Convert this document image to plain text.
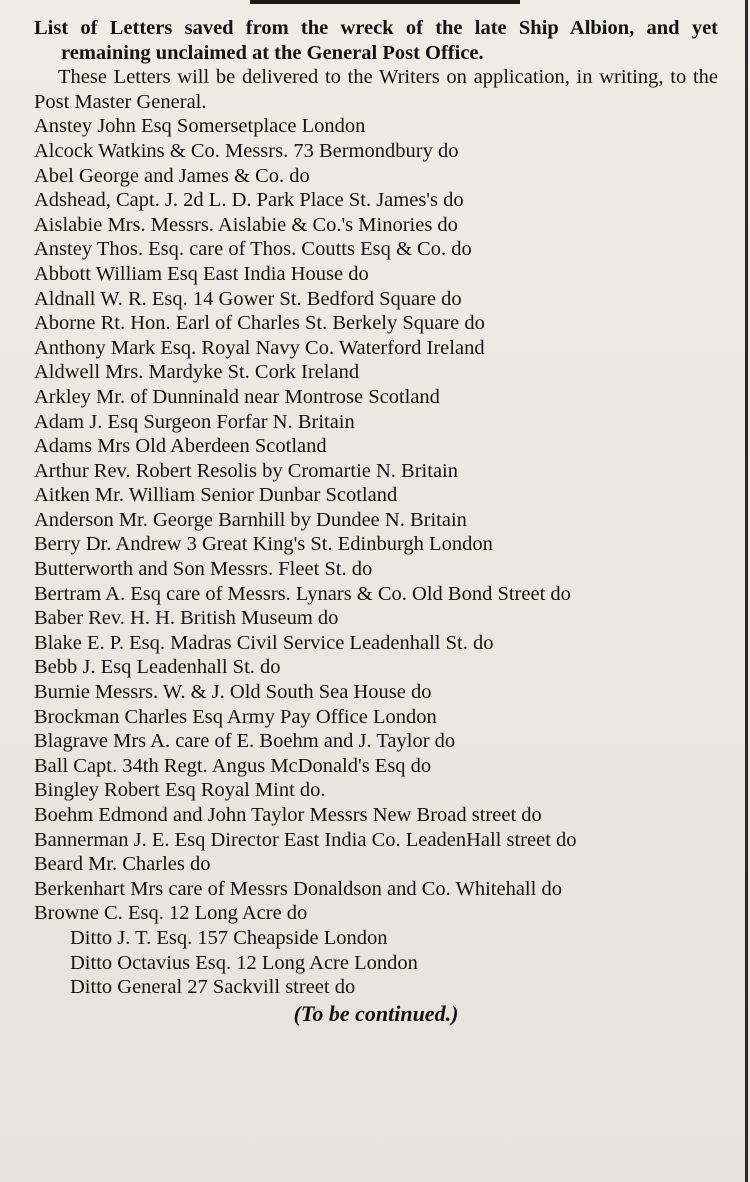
List of Letters saved from the wreck of the late Ship Albion, and yet remaining unclaimed at the General Post Office.

These Letters will be delivered to the Writers on application, in writing, to the Post Master General.

Anstey John Esq Somersetplace London

Alcock Watkins & Co. Messrs. 73 Bermondbury do

Abel George and James & Co. do

Adshead, Capt. J. 2d L. D. Park Place St. James's do

Aislabie Mrs. Messrs. Aislabie & Co.'s Minories do

Anstey Thos. Esq. care of Thos. Coutts Esq & Co. do

Abbott William Esq East India House do

Aldnall W. R. Esq. 14 Gower St. Bedford Square do

Aborne Rt. Hon. Earl of Charles St. Berkely Square do

Anthony Mark Esq. Royal Navy Co. Waterford Ireland

Aldwell Mrs. Mardyke St. Cork Ireland

Arkley Mr. of Dunninald near Montrose Scotland

Adam J. Esq Surgeon Forfar N. Britain

Adams Mrs Old Aberdeen Scotland

Arthur Rev. Robert Resolis by Cromartie N. Britain

Aitken Mr. William Senior Dunbar Scotland

Anderson Mr. George Barnhill by Dundee N. Britain

Berry Dr. Andrew 3 Great King's St. Edinburgh London

Butterworth and Son Messrs. Fleet St. do

Bertram A. Esq care of Messrs. Lynars & Co. Old Bond Street do

Baber Rev. H. H. British Museum do

Blake E. P. Esq. Madras Civil Service Leadenhall St. do

Bebb J. Esq Leadenhall St. do

Burnie Messrs. W. & J. Old South Sea House do

Brockman Charles Esq Army Pay Office London

Blagrave Mrs A. care of E. Boehm and J. Taylor do

Ball Capt. 34th Regt. Angus McDonald's Esq do

Bingley Robert Esq Royal Mint do.

Boehm Edmond and John Taylor Messrs New Broad street do

Bannerman J. E. Esq Director East India Co. LeadenHall street do

Beard Mr. Charles do

Berkenhart Mrs care of Messrs Donaldson and Co. Whitehall do

Browne C. Esq. 12 Long Acre do

Ditto J. T. Esq. 157 Cheapside London

Ditto Octavius Esq. 12 Long Acre London

Ditto General 27 Sackvill street do

(To be continued.)
